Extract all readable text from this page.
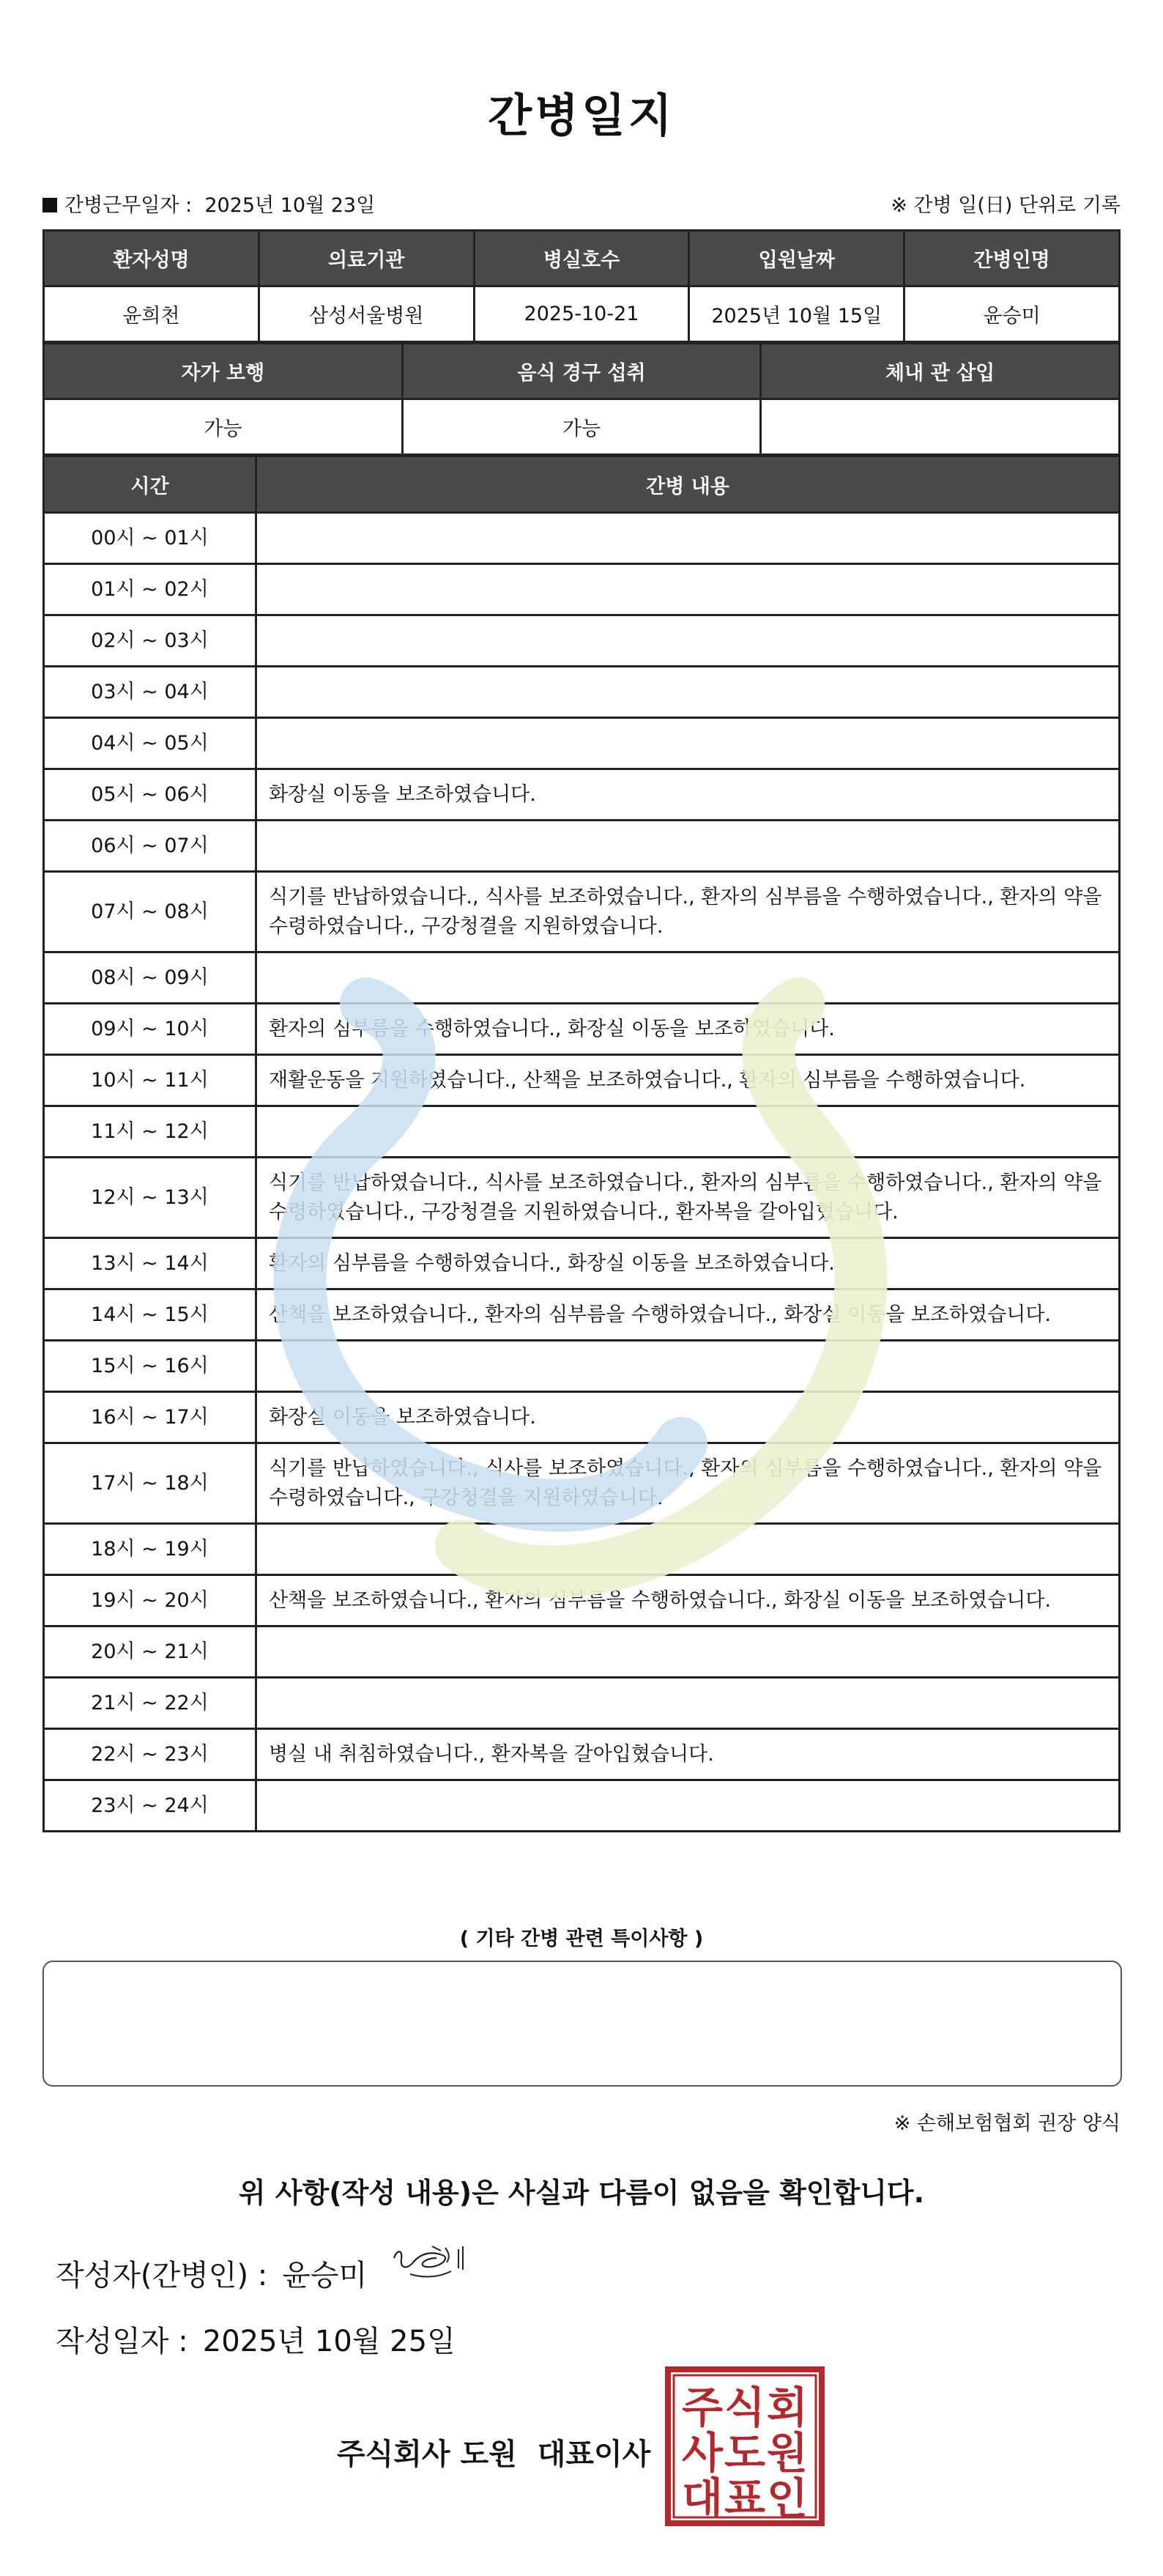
간병일지
간병근무일자 : 2025년 10월 23일	※ 간병 일(日) 단위로 기록
환자성명	의료기관	병실호수	입원날짜	간병인명
윤희천	삼성서울병원	2025-10-21	2025년 10월 15일	윤승미
자가 보행	음식 경구 섭취	체내 관 삽입
가능	가능	
시간	간병 내용
00시 ~ 01시	
01시 ~ 02시	
02시 ~ 03시	
03시 ~ 04시	
04시 ~ 05시	
05시 ~ 06시	화장실 이동을 보조하였습니다.
06시 ~ 07시	
07시 ~ 08시	식기를 반납하였습니다., 식사를 보조하였습니다., 환자의 심부름을 수행하였습니다., 환자의 약을 수령하였습니다., 구강청결을 지원하였습니다.
08시 ~ 09시	
09시 ~ 10시	환자의 심부름을 수행하였습니다., 화장실 이동을 보조하였습니다.
10시 ~ 11시	재활운동을 지원하였습니다., 산책을 보조하였습니다., 환자의 심부름을 수행하였습니다.
11시 ~ 12시	
12시 ~ 13시	식기를 반납하였습니다., 식사를 보조하였습니다., 환자의 심부름을 수행하였습니다., 환자의 약을 수령하였습니다., 구강청결을 지원하였습니다., 환자복을 갈아입혔습니다.
13시 ~ 14시	환자의 심부름을 수행하였습니다., 화장실 이동을 보조하였습니다.
14시 ~ 15시	산책을 보조하였습니다., 환자의 심부름을 수행하였습니다., 화장실 이동을 보조하였습니다.
15시 ~ 16시	
16시 ~ 17시	화장실 이동을 보조하였습니다.
17시 ~ 18시	식기를 반납하였습니다., 식사를 보조하였습니다., 환자의 심부름을 수행하였습니다., 환자의 약을 수령하였습니다., 구강청결을 지원하였습니다.
18시 ~ 19시	
19시 ~ 20시	산책을 보조하였습니다., 환자의 심부름을 수행하였습니다., 화장실 이동을 보조하였습니다.
20시 ~ 21시	
21시 ~ 22시	
22시 ~ 23시	병실 내 취침하였습니다., 환자복을 갈아입혔습니다.
23시 ~ 24시	
( 기타 간병 관련 특이사항 )
※ 손해보험협회 권장 양식
위 사항(작성 내용)은 사실과 다름이 없음을 확인합니다.
작성자(간병인) : 윤승미
작성일자 : 2025년 10월 25일
주식회사 도원 대표이사
주 식 회
사 도 원
대 표 인
